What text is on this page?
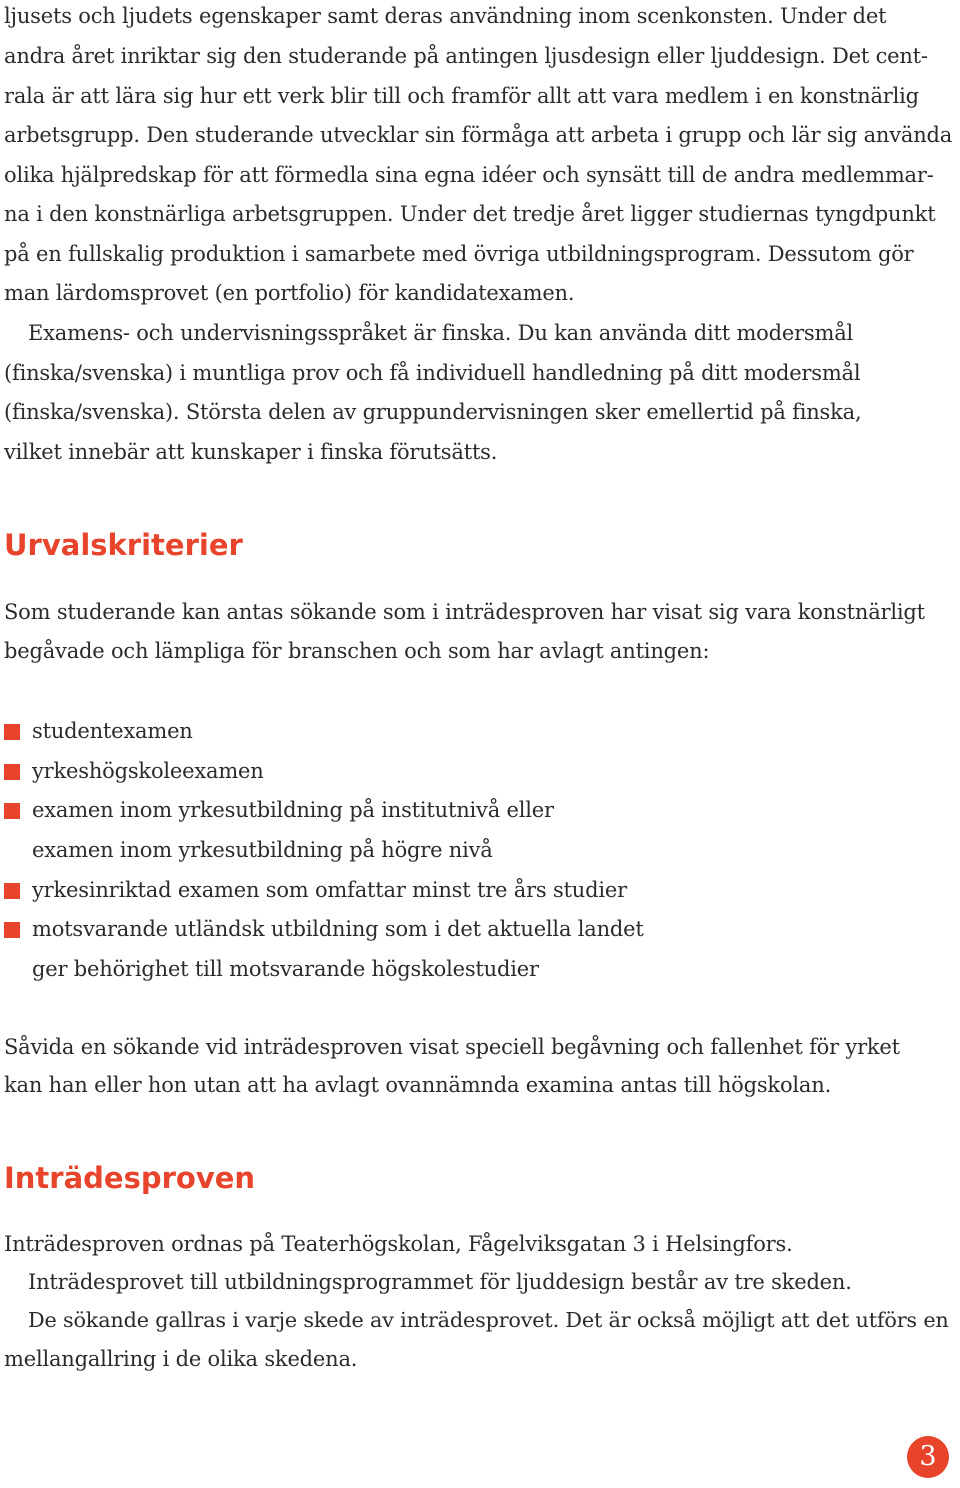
ljusets och ljudets egenskaper samt deras användning inom scenkonsten. Under det
andra året inriktar sig den studerande på antingen ljusdesign eller ljuddesign. Det cent-
rala är att lära sig hur ett verk blir till och framför allt att vara medlem i en konstnärlig
arbetsgrupp. Den studerande utvecklar sin förmåga att arbeta i grupp och lär sig använda
olika hjälpredskap för att förmedla sina egna idéer och synsätt till de andra medlemmar-
na i den konstnärliga arbetsgruppen. Under det tredje året ligger studiernas tyngdpunkt
på en fullskalig produktion i samarbete med övriga utbildningsprogram. Dessutom gör
man lärdomsprovet (en portfolio) för kandidatexamen.
Examens- och undervisningsspråket är finska. Du kan använda ditt modersmål
(finska/svenska) i muntliga prov och få individuell handledning på ditt modersmål
(finska/svenska). Största delen av gruppundervisningen sker emellertid på finska,
vilket innebär att kunskaper i finska förutsätts.
Urvalskriterier
Som studerande kan antas sökande som i inträdesproven har visat sig vara konstnärligt
begåvade och lämpliga för branschen och som har avlagt antingen:
studentexamen
yrkeshögskoleexamen
examen inom yrkesutbildning på institutnivå eller
examen inom yrkesutbildning på högre nivå
yrkesinriktad examen som omfattar minst tre års studier
motsvarande utländsk utbildning som i det aktuella landet
ger behörighet till motsvarande högskolestudier
Såvida en sökande vid inträdesproven visat speciell begåvning och fallenhet för yrket
kan han eller hon utan att ha avlagt ovannämnda examina antas till högskolan.
Inträdesproven
Inträdesproven ordnas på Teaterhögskolan, Fågelviksgatan 3 i Helsingfors.
Inträdesprovet till utbildningsprogrammet för ljuddesign består av tre skeden.
De sökande gallras i varje skede av inträdesprovet. Det är också möjligt att det utförs en
mellangallring i de olika skedena.
3
